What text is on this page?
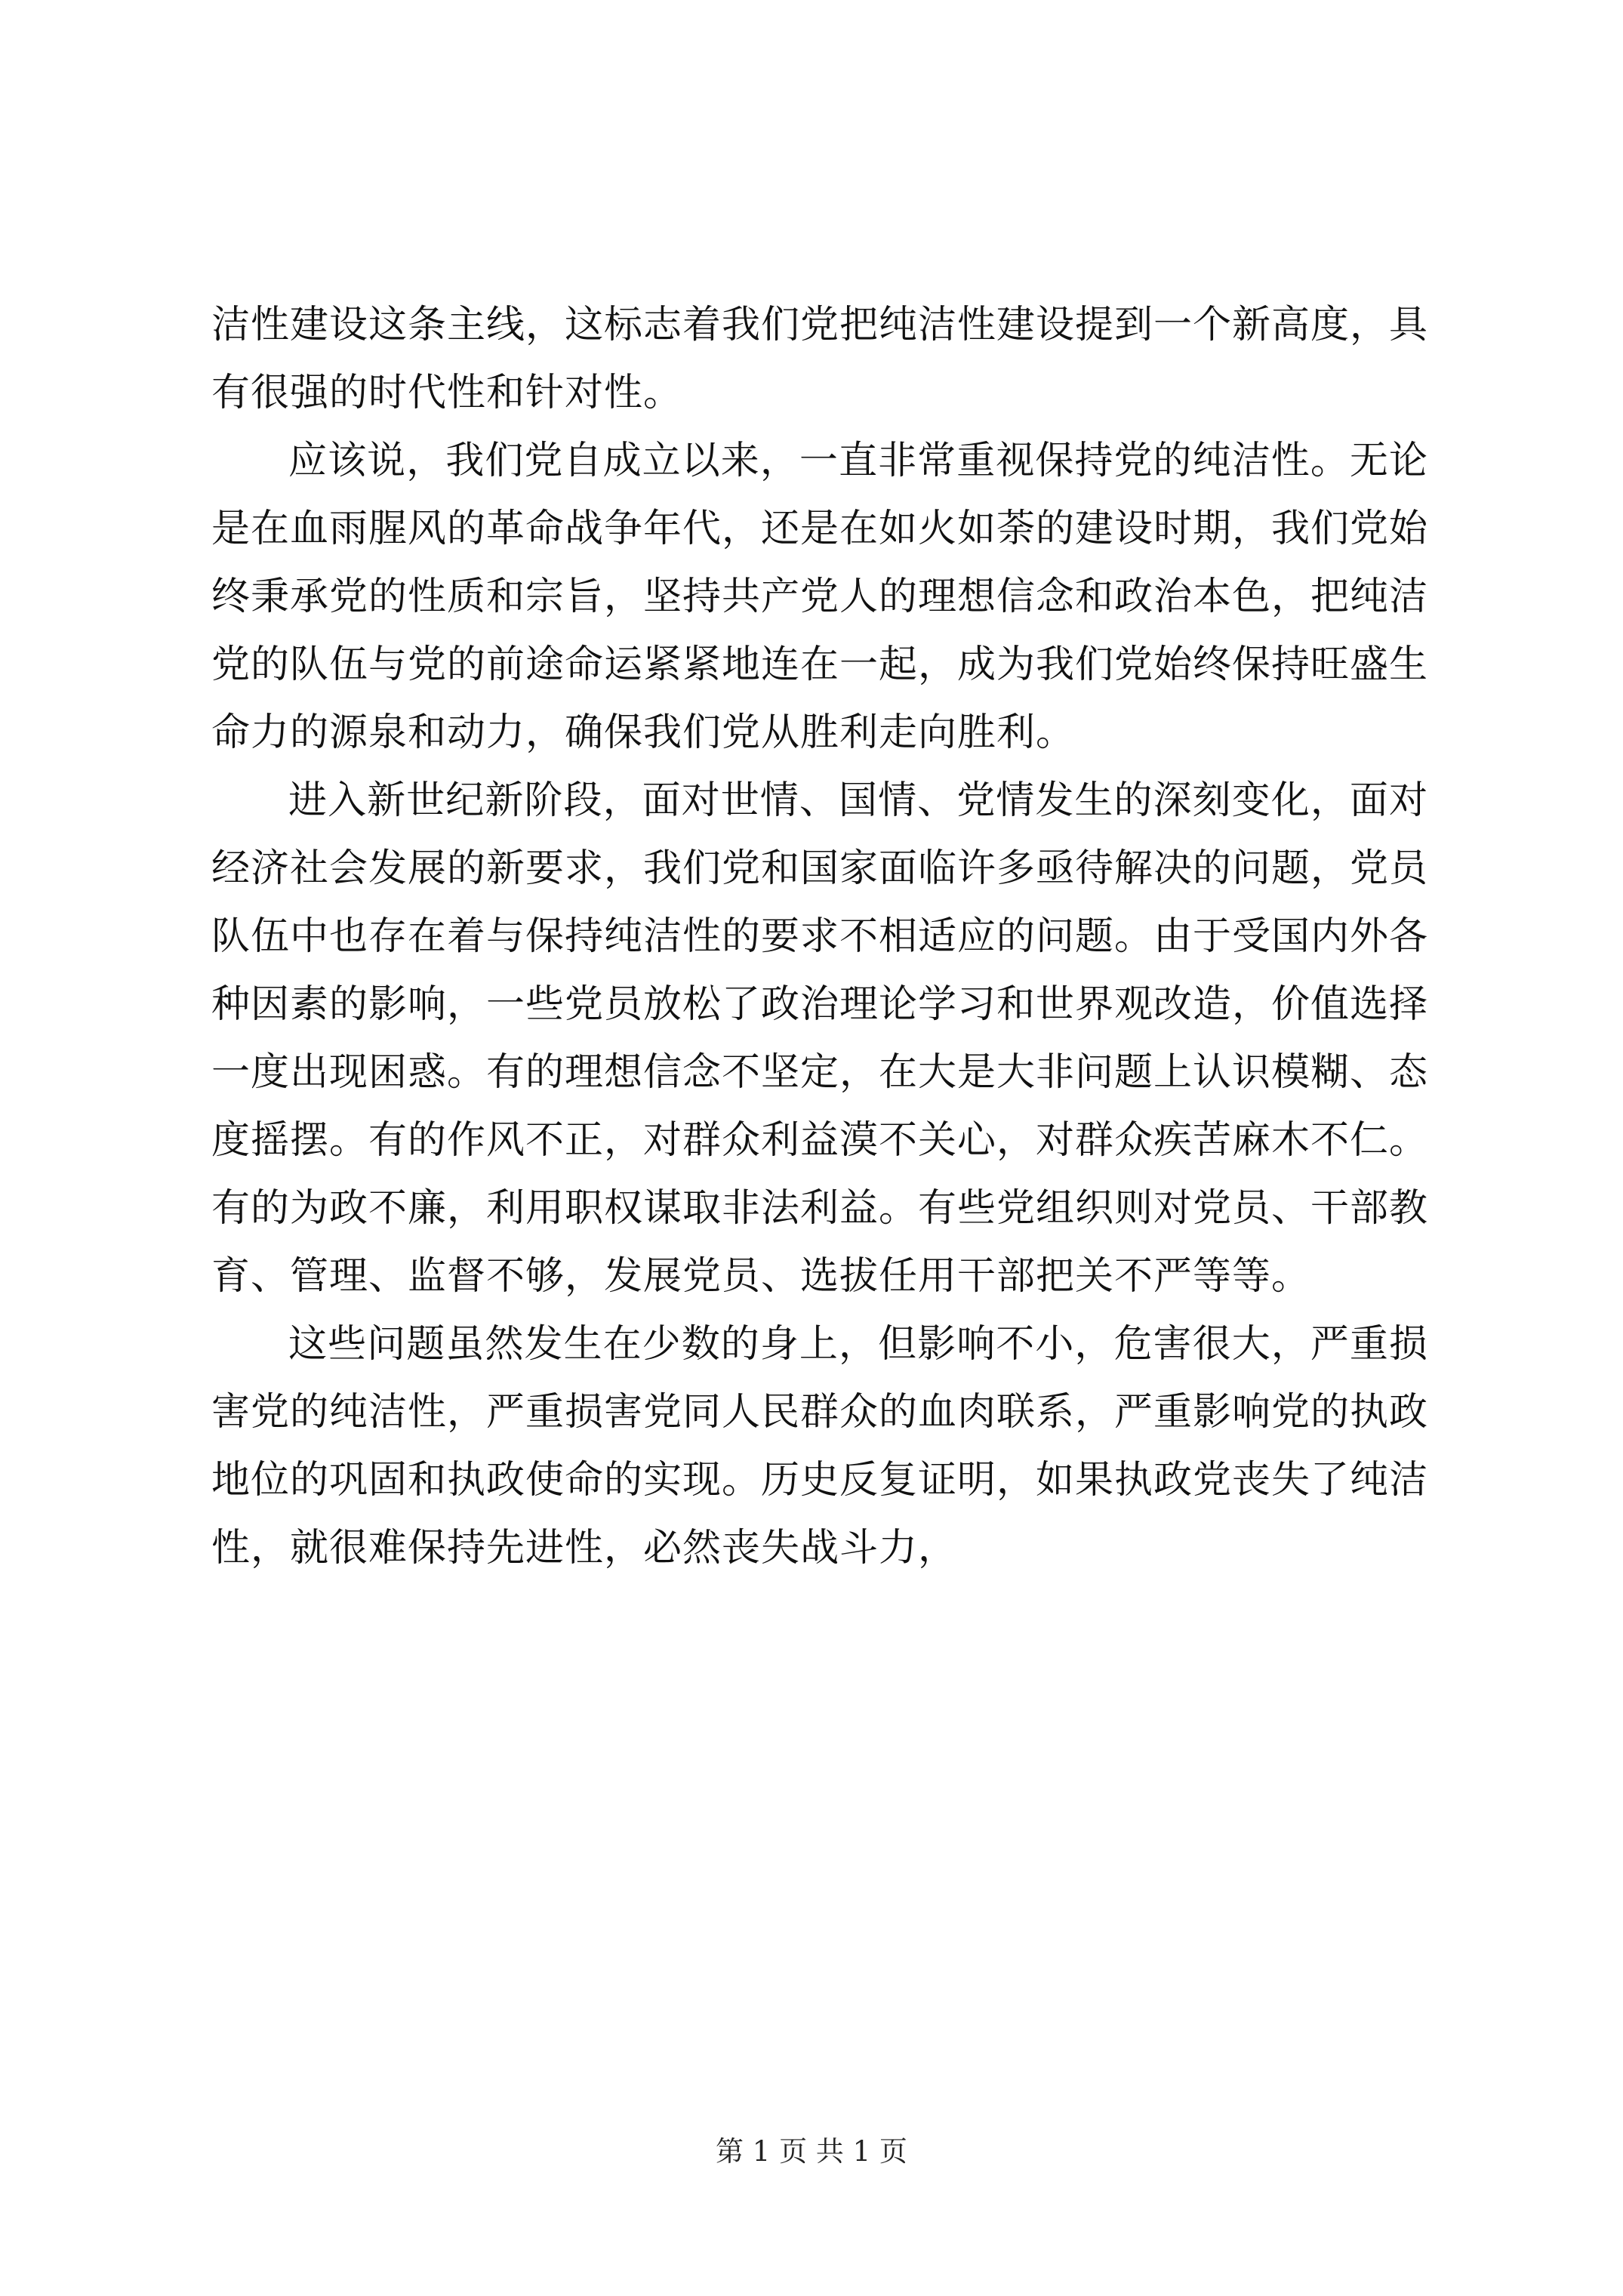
洁性建设这条主线，这标志着我们党把纯洁性建设提到一个新高度，具有很强的时代性和针对性。

应该说，我们党自成立以来，一直非常重视保持党的纯洁性。无论是在血雨腥风的革命战争年代，还是在如火如荼的建设时期，我们党始终秉承党的性质和宗旨，坚持共产党人的理想信念和政治本色，把纯洁党的队伍与党的前途命运紧紧地连在一起，成为我们党始终保持旺盛生命力的源泉和动力，确保我们党从胜利走向胜利。

进入新世纪新阶段，面对世情、国情、党情发生的深刻变化，面对经济社会发展的新要求，我们党和国家面临许多亟待解决的问题，党员队伍中也存在着与保持纯洁性的要求不相适应的问题。由于受国内外各种因素的影响，一些党员放松了政治理论学习和世界观改造，价值选择一度出现困惑。有的理想信念不坚定，在大是大非问题上认识模糊、态度摇摆。有的作风不正，对群众利益漠不关心，对群众疾苦麻木不仁。有的为政不廉，利用职权谋取非法利益。有些党组织则对党员、干部教育、管理、监督不够，发展党员、选拔任用干部把关不严等等。

这些问题虽然发生在少数的身上，但影响不小，危害很大，严重损害党的纯洁性，严重损害党同人民群众的血肉联系，严重影响党的执政地位的巩固和执政使命的实现。历史反复证明，如果执政党丧失了纯洁性，就很难保持先进性，必然丧失战斗力，

第 1 页 共 1 页
